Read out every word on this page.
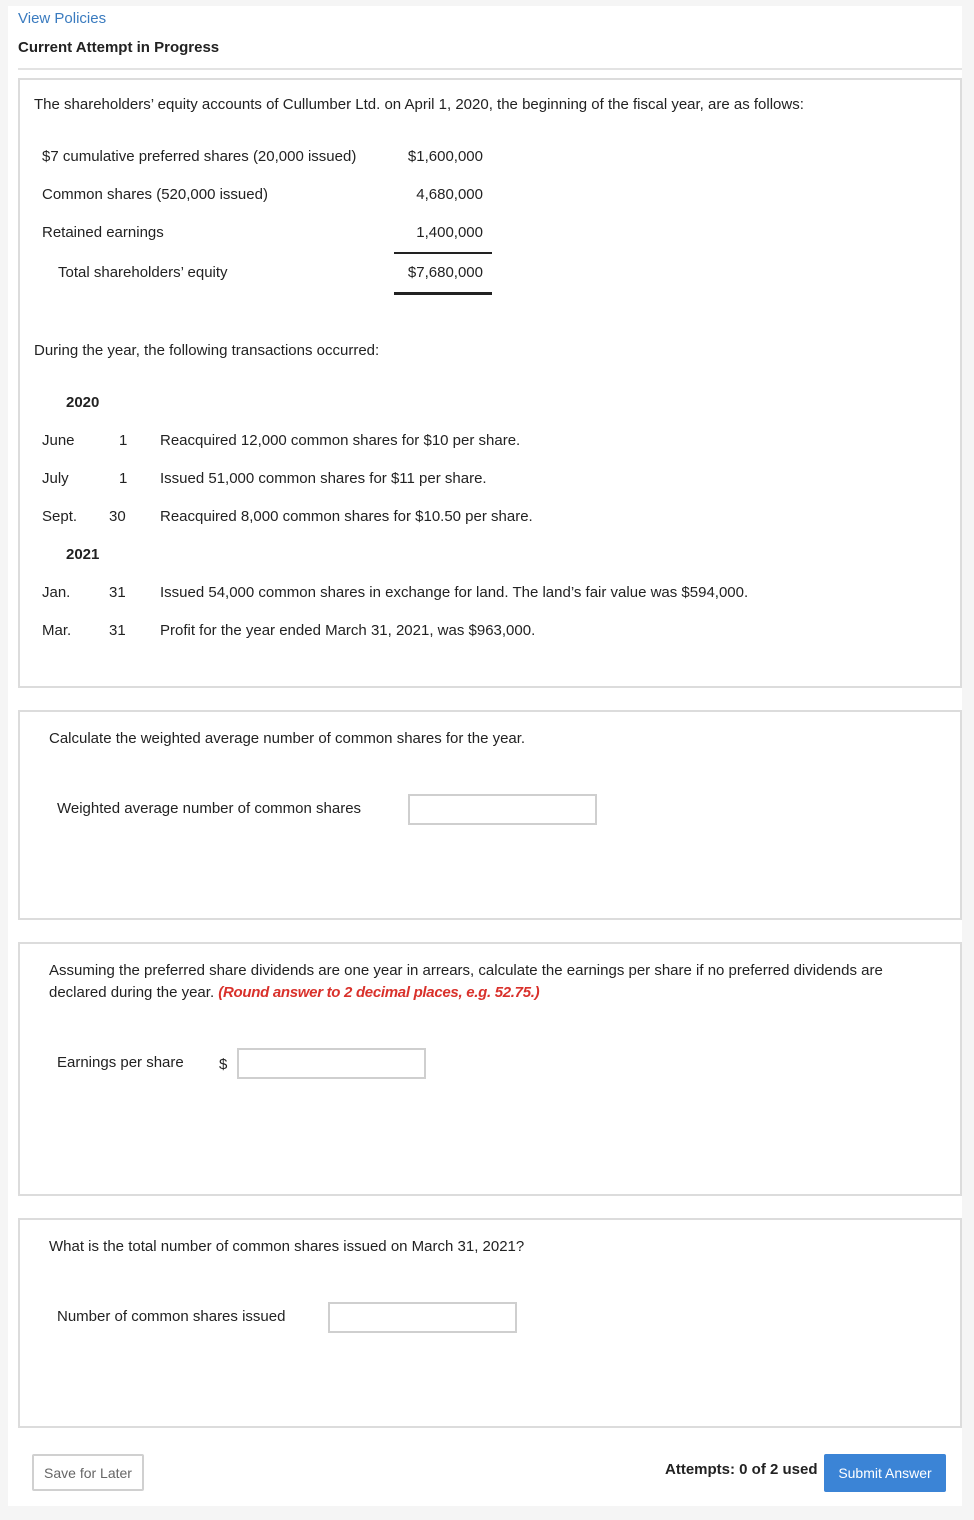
View Policies
Current Attempt in Progress
The shareholders’ equity accounts of Cullumber Ltd. on April 1, 2020, the beginning of the fiscal year, are as follows:
$7 cumulative preferred shares (20,000 issued)	$1,600,000
Common shares (520,000 issued)	4,680,000
Retained earnings	1,400,000
Total shareholders’ equity	$7,680,000
During the year, the following transactions occurred:
2020
June	1 Reacquired 12,000 common shares for $10 per share.
July	1 Issued 51,000 common shares for $11 per share.
Sept. 30 Reacquired 8,000 common shares for $10.50 per share.
2021
Jan.	31 Issued 54,000 common shares in exchange for land. The land’s fair value was $594,000.
Mar.	31 Profit for the year ended March 31, 2021, was $963,000.
Calculate the weighted average number of common shares for the year.
Weighted average number of common shares
Assuming the preferred share dividends are one year in arrears, calculate the earnings per share if no preferred dividends are
declared during the year. (Round answer to 2 decimal places, e.g. 52.75.)
Earnings per share $
What is the total number of common shares issued on March 31, 2021?
Number of common shares issued
Save for Later	Attempts: 0 of 2 used	Submit Answer
